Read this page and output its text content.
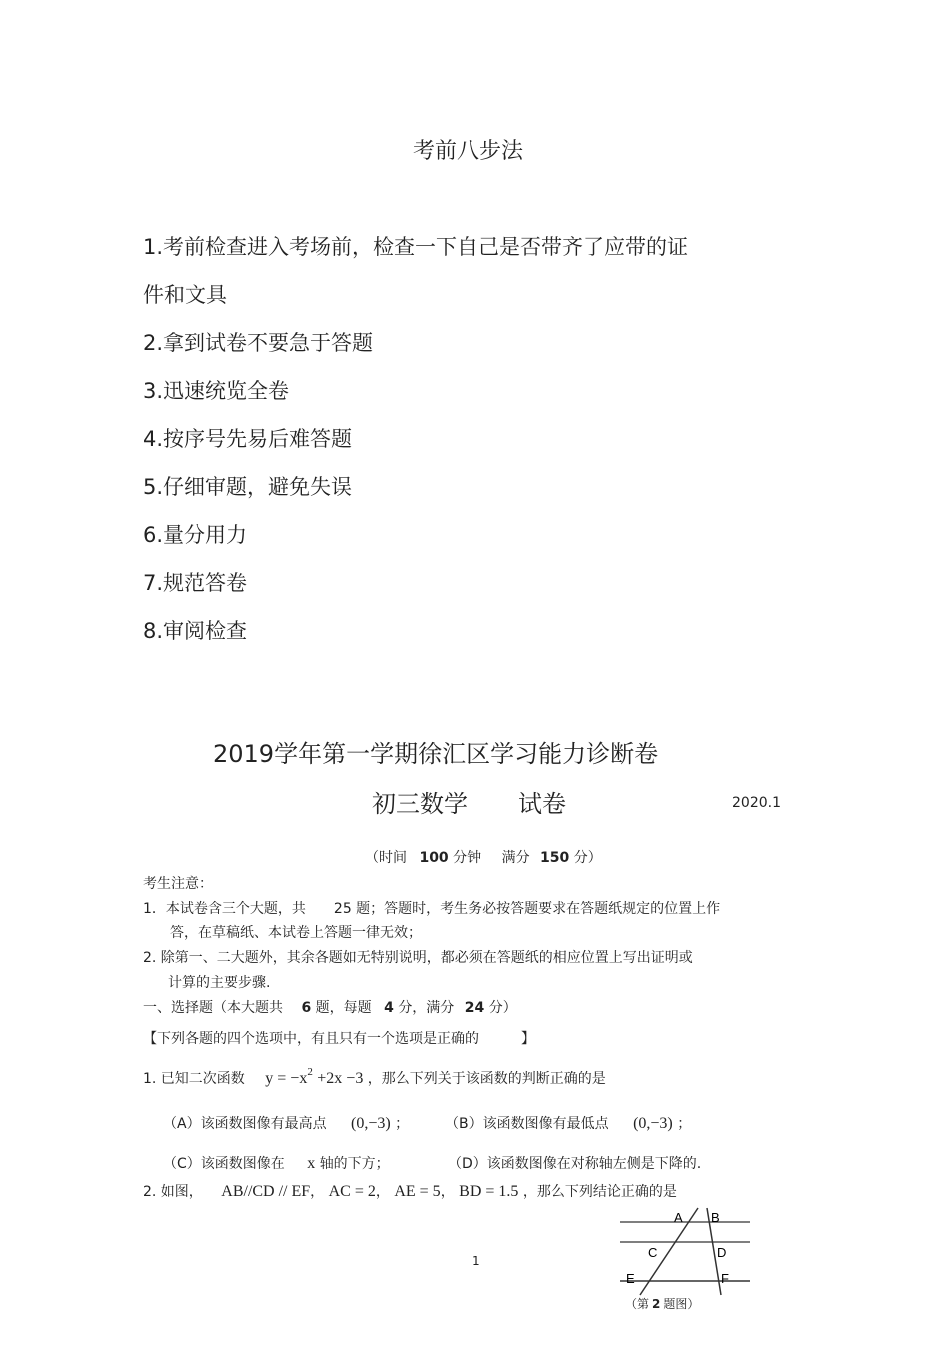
考前八步法
1.考前检查进入考场前，检查一下自己是否带齐了应带的证
件和文具
2.拿到试卷不要急于答题
3.迅速统览全卷
4.按序号先易后难答题
5.仔细审题，避免失误
6.量分用力
7.规范答卷
8.审阅检查
2019学年第一学期徐汇区学习能力诊断卷
初三数学 试卷	2020.1
（时间 100 分钟 满分 150 分）
考生注意：
1．本试卷含三个大题，共　　25 题；答题时，考生务必按答题要求在答题纸规定的位置上作
答，在草稿纸、本试卷上答题一律无效；
2. 除第一、二大题外，其余各题如无特别说明，都必须在答题纸的相应位置上写出证明或
计算的主要步骤.
一、选择题（本大题共 6 题，每题 4 分，满分 24 分）
【下列各题的四个选项中，有且只有一个选项是正确的　　　】
1. 已知二次函数 $y = -x^2 +2x -3$ ，那么下列关于该函数的判断正确的是
（A）该函数图像有最高点 (0,−3) ；	（B）该函数图像有最低点 (0,−3) ；
（C）该函数图像在 x 轴的下方；	（D）该函数图像在对称轴左侧是下降的.
2. 如图， AB//CD // EF， AC = 2， AE = 5， BD = 1.5 ，那么下列结论正确的是
A B
C	D
E	F
（第 2 题图）
1
